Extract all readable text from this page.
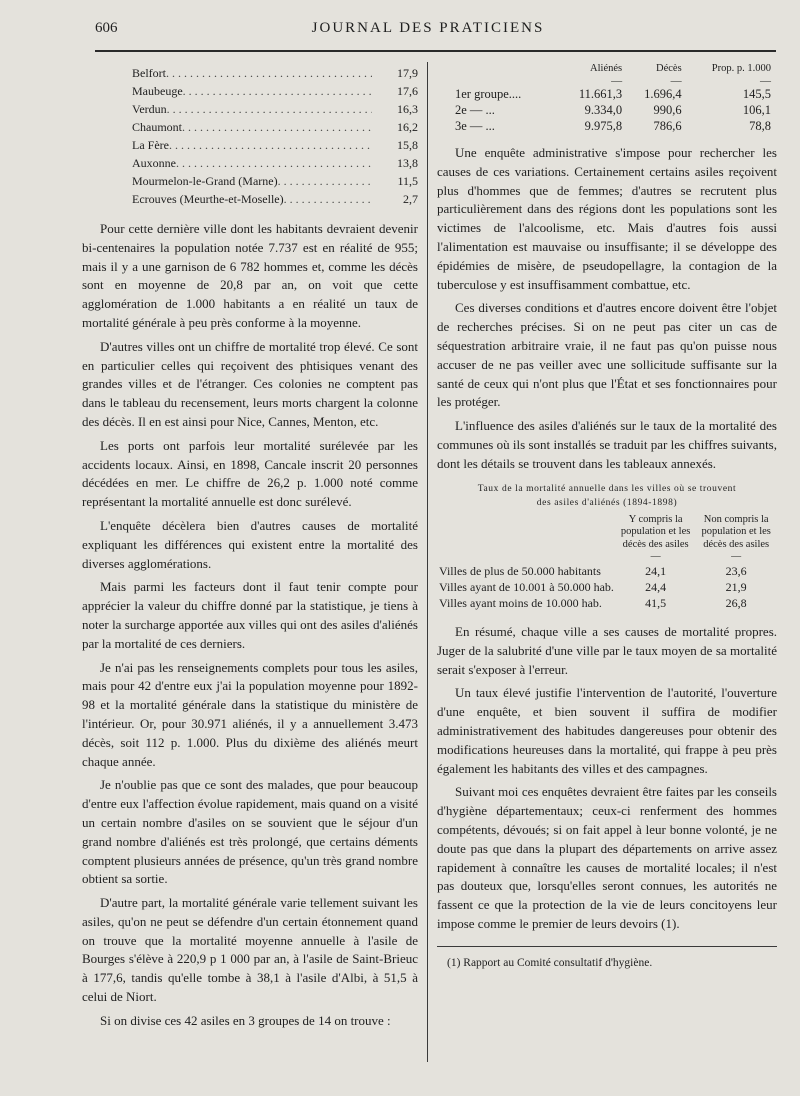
606	JOURNAL DES PRATICIENS
Belfort . . .	17,9
Maubeuge . . .	17,6
Verdun . . .	16,3
Chaumont . . .	16,2
La Fère . . .	15,8
Auxonne . . .	13,8
Mourmelon-le-Grand (Marne) . . .	11,5
Ecrouves (Meurthe-et-Moselle) . . .	2,7

Pour cette dernière ville dont les habitants devraient devenir bi-centenaires la population notée 7.737 est en réalité de 955; mais il y a une garnison de 6 782 hommes et, comme les décès sont en moyenne de 20,8 par an, on voit que cette agglomération de 1.000 habitants a en réalité un taux de mortalité générale à peu près conforme à la moyenne.

D'autres villes ont un chiffre de mortalité trop élevé. Ce sont en particulier celles qui reçoivent des phtisiques venant des grandes villes et de l'étranger. Ces colonies ne comptent pas dans le tableau du recensement, leurs morts chargent la colonne des décès. Il en est ainsi pour Nice, Cannes, Menton, etc.

Les ports ont parfois leur mortalité surélevée par les accidents locaux. Ainsi, en 1898, Cancale inscrit 20 personnes décédées en mer. Le chiffre de 26,2 p. 1.000 noté comme représentant la mortalité annuelle est donc surélevé.

L'enquête décèlera bien d'autres causes de mortalité expliquant les différences qui existent entre la mortalité des diverses agglomérations.

Mais parmi les facteurs dont il faut tenir compte pour apprécier la valeur du chiffre donné par la statistique, je tiens à noter la surcharge apportée aux villes qui ont des asiles d'aliénés par la mortalité de ces derniers.

Je n'ai pas les renseignements complets pour tous les asiles, mais pour 42 d'entre eux j'ai la population moyenne pour 1892-98 et la mortalité générale dans la statistique du ministère de l'intérieur. Or, pour 30.971 aliénés, il y a annuellement 3.473 décès, soit 112 p. 1.000. Plus du dixième des aliénés meurt chaque année.

Je n'oublie pas que ce sont des malades, que pour beaucoup d'entre eux l'affection évolue rapidement, mais quand on a visité un certain nombre d'asiles on se souvient que le séjour d'un grand nombre d'aliénés est très prolongé, que certains déments comptent plusieurs années de présence, qu'un très grand nombre obtient sa sortie.

D'autre part, la mortalité générale varie tellement suivant les asiles, qu'on ne peut se défendre d'un certain étonnement quand on trouve que la mortalité moyenne annuelle à l'asile de Bourges s'élève à 220,9 p 1 000 par an, à l'asile de Saint-Brieuc à 177,6, tandis qu'elle tombe à 38,1 à l'asile d'Albi, à 51,5 à celui de Niort.

Si on divise ces 42 asiles en 3 groupes de 14 on trouve :

	Aliénés	Décès	Prop. p. 1.000
	—	—	—
1er groupe....	11.661,3	1.696,4	145,5
2e — ...	9.334,0	990,6	106,1
3e — ...	9.975,8	786,6	78,8

Une enquête administrative s'impose pour rechercher les causes de ces variations. Certainement certains asiles reçoivent plus d'hommes que de femmes; d'autres se recrutent plus particulièrement dans des régions dont les populations sont les victimes de l'alcoolisme, etc. Mais d'autres fois aussi l'alimentation est mauvaise ou insuffisante; il se développe des épidémies de misère, de pseudopellagre, la contagion de la tuberculose y est insuffisamment combattue, etc.

Ces diverses conditions et d'autres encore doivent être l'objet de recherches précises. Si on ne peut pas citer un cas de séquestration arbitraire vraie, il ne faut pas qu'on puisse nous accuser de ne pas veiller avec une sollicitude suffisante sur la santé de ceux qui n'ont plus que l'État et ses fonctionnaires pour les protéger.

L'influence des asiles d'aliénés sur le taux de la mortalité des communes où ils sont installés se traduit par les chiffres suivants, dont les détails se trouvent dans les tableaux annexés.

Taux de la mortalité annuelle dans les villes où se trouvent
des asiles d'aliénés (1894-1898)
	Y compris la population et les décès des asiles	Non compris la population et les décès des asiles
	—	—
Villes de plus de 50.000 habitants	24,1	23,6
Villes ayant de 10.001 à 50.000 hab.	24,4	21,9
Villes ayant moins de 10.000 hab.	41,5	26,8

En résumé, chaque ville a ses causes de mortalité propres. Juger de la salubrité d'une ville par le taux moyen de sa mortalité serait s'exposer à l'erreur.

Un taux élevé justifie l'intervention de l'autorité, l'ouverture d'une enquête, et bien souvent il suffira de modifier administrativement des habitudes dangereuses pour obtenir des modifications heureuses dans la mortalité, qui frappe à peu près également les habitants des villes et des campagnes.

Suivant moi ces enquêtes devraient être faites par les conseils d'hygiène départementaux; ceux-ci renferment des hommes compétents, dévoués; si on fait appel à leur bonne volonté, je ne doute pas que dans la plupart des départements on arrive assez rapidement à connaître les causes de mortalité locales; il n'est pas douteux que, lorsqu'elles seront connues, les autorités ne fassent ce que la protection de la vie de leurs concitoyens leur impose comme le premier de leurs devoirs (1).

(1) Rapport au Comité consultatif d'hygiène.
